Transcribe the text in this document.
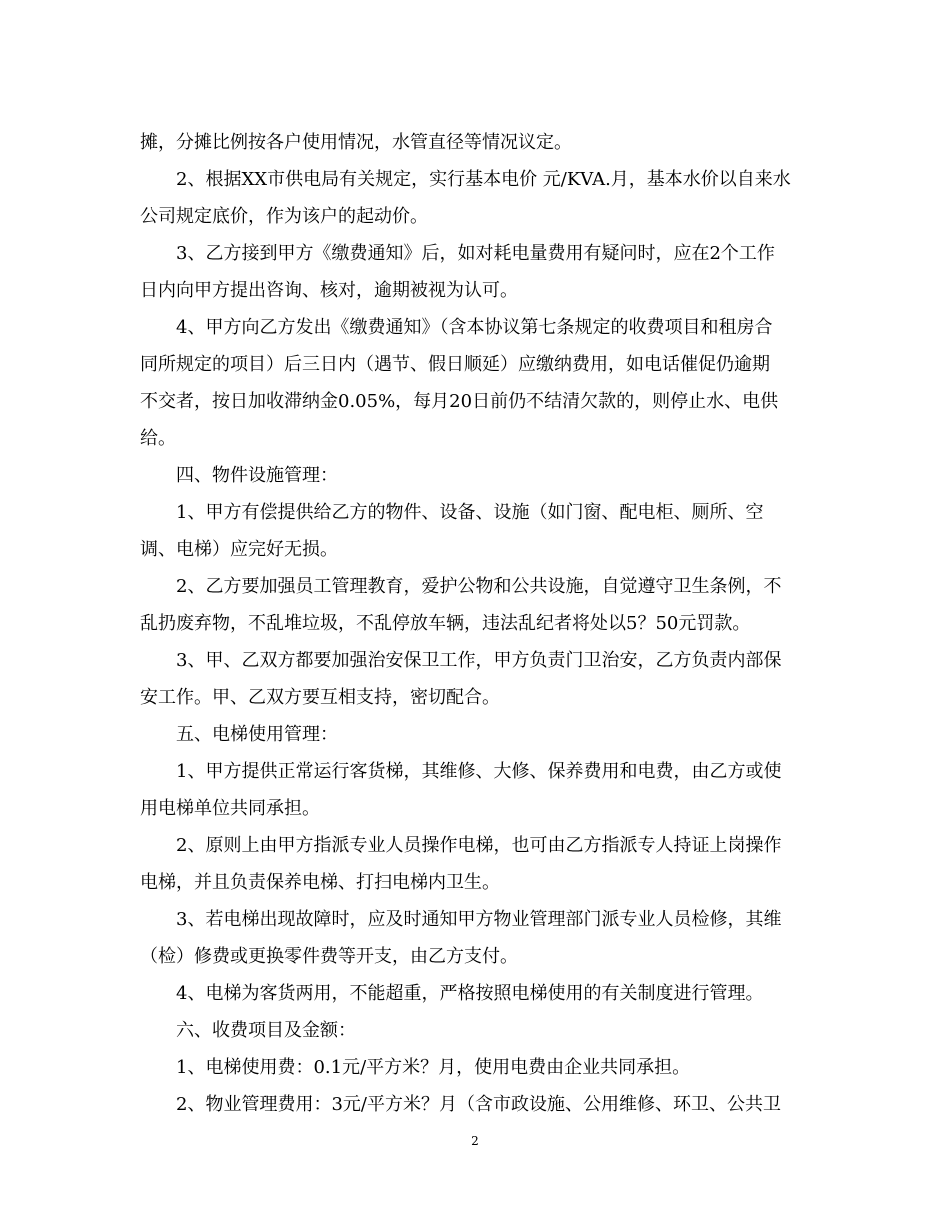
摊，分摊比例按各户使用情况，水管直径等情况议定。
2、根据XX市供电局有关规定，实行基本电价 元/KVA.月，基本水价以自来水
公司规定底价，作为该户的起动价。
3、乙方接到甲方《缴费通知》后，如对耗电量费用有疑问时，应在2个工作
日内向甲方提出咨询、核对，逾期被视为认可。
4、甲方向乙方发出《缴费通知》（含本协议第七条规定的收费项目和租房合
同所规定的项目）后三日内（遇节、假日顺延）应缴纳费用，如电话催促仍逾期
不交者，按日加收滞纳金0.05%，每月20日前仍不结清欠款的，则停止水、电供
给。
四、物件设施管理：
1、甲方有偿提供给乙方的物件、设备、设施（如门窗、配电柜、厕所、空
调、电梯）应完好无损。
2、乙方要加强员工管理教育，爱护公物和公共设施，自觉遵守卫生条例，不
乱扔废弃物，不乱堆垃圾，不乱停放车辆，违法乱纪者将处以5？50元罚款。
3、甲、乙双方都要加强治安保卫工作，甲方负责门卫治安，乙方负责内部保
安工作。甲、乙双方要互相支持，密切配合。
五、电梯使用管理：
1、甲方提供正常运行客货梯，其维修、大修、保养费用和电费，由乙方或使
用电梯单位共同承担。
2、原则上由甲方指派专业人员操作电梯，也可由乙方指派专人持证上岗操作
电梯，并且负责保养电梯、打扫电梯内卫生。
3、若电梯出现故障时，应及时通知甲方物业管理部门派专业人员检修，其维
（检）修费或更换零件费等开支，由乙方支付。
4、电梯为客货两用，不能超重，严格按照电梯使用的有关制度进行管理。
六、收费项目及金额：
1、电梯使用费：0.1元/平方米？月，使用电费由企业共同承担。
2、物业管理费用：3元/平方米？月（含市政设施、公用维修、环卫、公共卫
2
